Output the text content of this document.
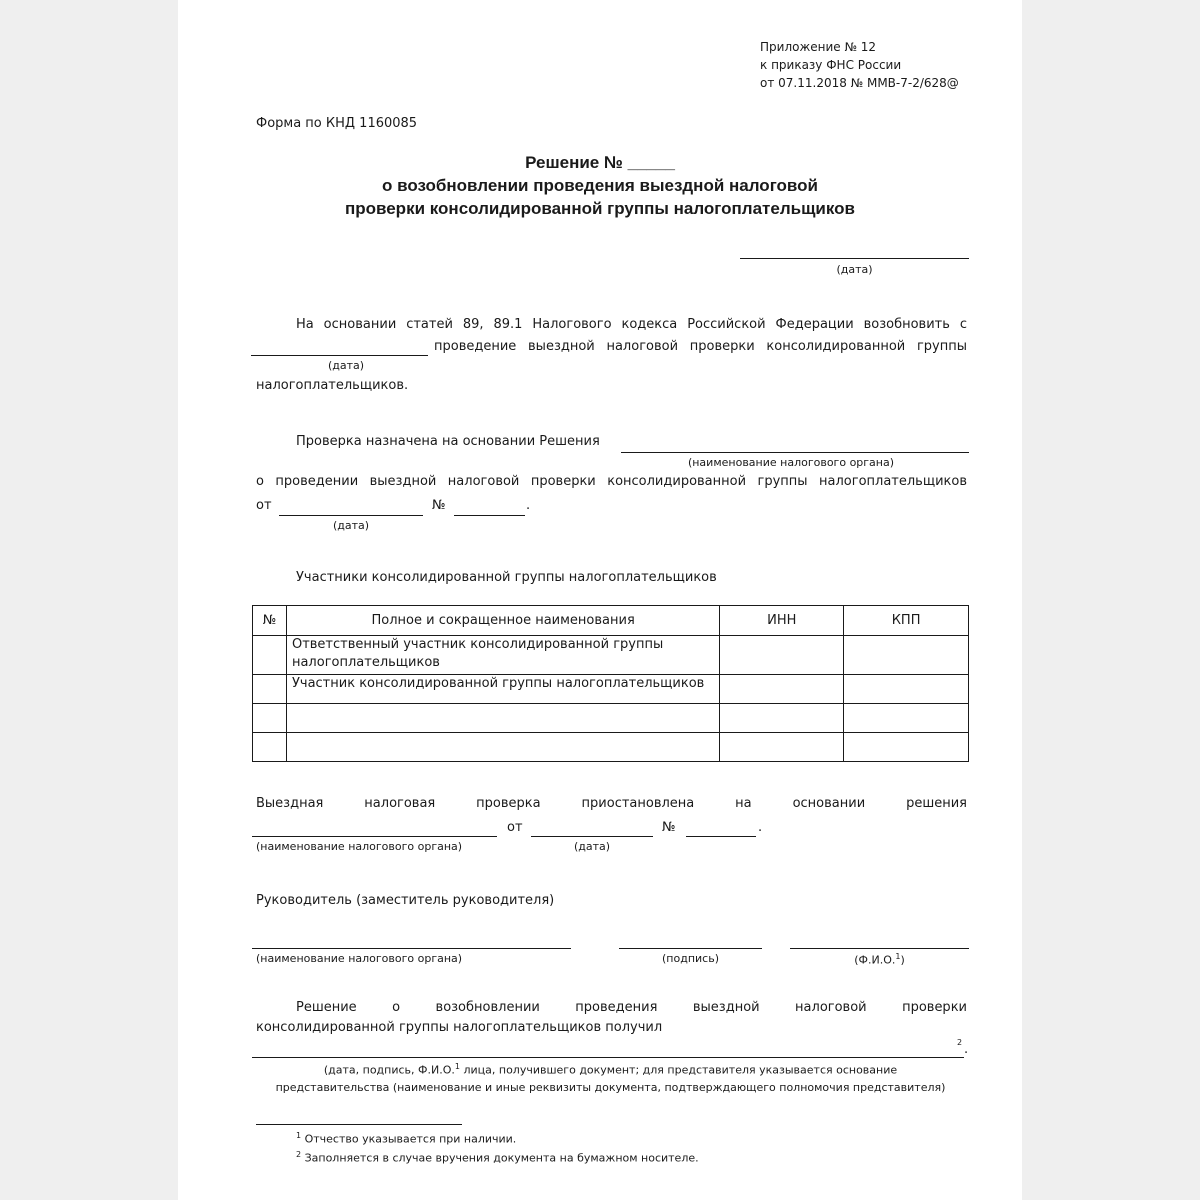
Приложение № 12
к приказу ФНС России
от 07.11.2018 № ММВ-7-2/628@
Форма по КНД 1160085
Решение № _____
о возобновлении проведения выездной налоговой
проверки консолидированной группы налогоплательщиков
(дата)
На основании статей 89, 89.1 Налогового кодекса Российской Федерации возобновить с
проведение выездной налоговой проверки консолидированной группы
(дата)
налогоплательщиков.
Проверка назначена на основании Решения
(наименование налогового органа)
о проведении выездной налоговой проверки консолидированной группы налогоплательщиков
от	№	.
(дата)
Участники консолидированной группы налогоплательщиков
№	Полное и сокращенное наименования	ИНН	КПП
	Ответственный участник консолидированной группы налогоплательщиков		
	Участник консолидированной группы налогоплательщиков		

Выездная налоговая проверка приостановлена на основании решения
от	№	.
(наименование налогового органа)	(дата)
Руководитель (заместитель руководителя)
(наименование налогового органа)	(подпись)	(Ф.И.О.$^1$)
Решение о возобновлении проведения выездной налоговой проверки
консолидированной группы налогоплательщиков получил
2 .
(дата, подпись, Ф.И.О.$^1$ лица, получившего документ; для представителя указывается основание
представительства (наименование и иные реквизиты документа, подтверждающего полномочия представителя)
$^1$ Отчество указывается при наличии.
$^2$ Заполняется в случае вручения документа на бумажном носителе.
